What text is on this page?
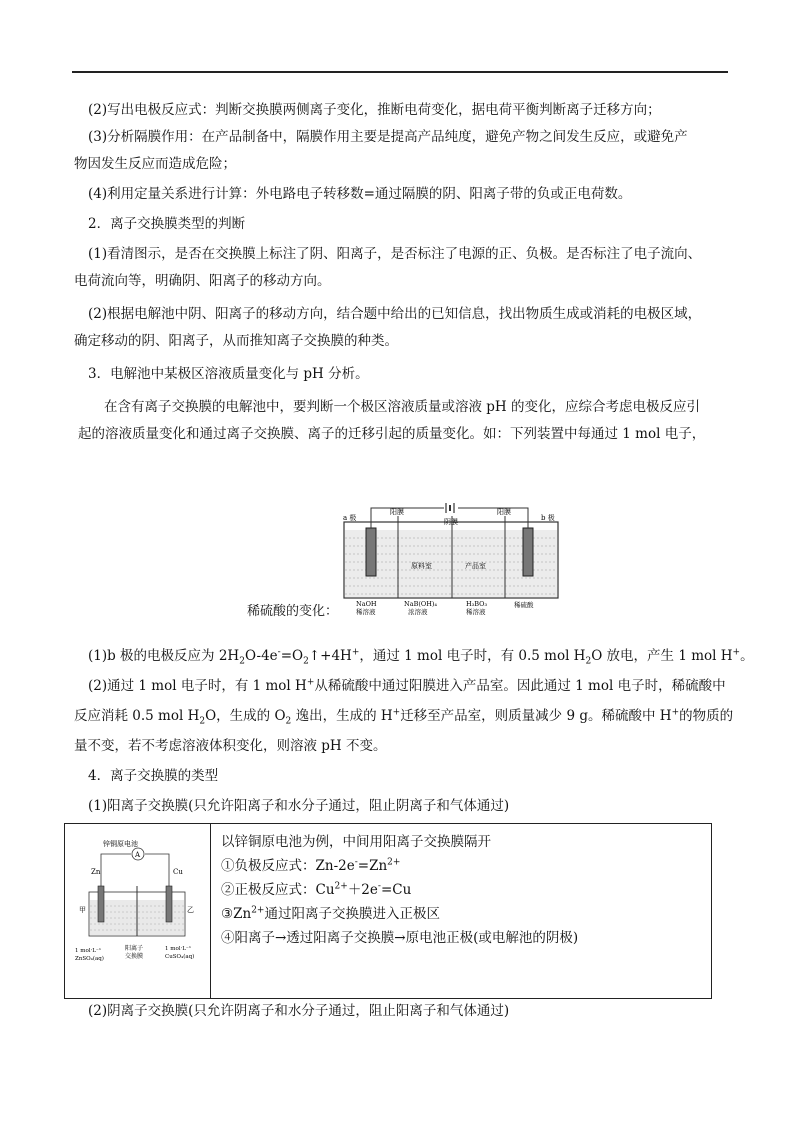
(2)写出电极反应式：判断交换膜两侧离子变化，推断电荷变化，据电荷平衡判断离子迁移方向；
(3)分析隔膜作用：在产品制备中，隔膜作用主要是提高产品纯度，避免产物之间发生反应，或避免产
物因发生反应而造成危险；
(4)利用定量关系进行计算：外电路电子转移数=通过隔膜的阴、阳离子带的负或正电荷数。
2．离子交换膜类型的判断
(1)看清图示，是否在交换膜上标注了阴、阳离子，是否标注了电源的正、负极。是否标注了电子流向、
电荷流向等，明确阴、阳离子的移动方向。
(2)根据电解池中阴、阳离子的移动方向，结合题中给出的已知信息，找出物质生成或消耗的电极区域，
确定移动的阴、阳离子，从而推知离子交换膜的种类。
3．电解池中某极区溶液质量变化与 pH 分析。
在含有离子交换膜的电解池中，要判断一个极区溶液质量或溶液 pH 的变化，应综合考虑电极反应引
起的溶液质量变化和通过离子交换膜、离子的迁移引起的质量变化。如：下列装置中每通过 1 mol 电子，
a 极	b 极
阳膜
阴膜
阳膜
原料室	产品室
NaOH
稀溶液
NaB(OH)₄
浓溶液
H₃BO₃
稀溶液
稀硫酸
稀硫酸的变化：
(1)b 极的电极反应为 $2H_2O-4e^-=O_2↑+4H^+$，通过 1 mol 电子时，有 0.5 mol $H_2O$ 放电，产生 1 mol H+。
(2)通过 1 mol 电子时，有 1 mol H+从稀硫酸中通过阳膜进入产品室。因此通过 1 mol 电子时，稀硫酸中
反应消耗 0.5 mol $H_2O$，生成的 $O_2$ 逸出，生成的 H+迁移至产品室，则质量减少 9 g。稀硫酸中 H+的物质的
量不变，若不考虑溶液体积变化，则溶液 pH 不变。
4．离子交换膜的类型
(1)阳离子交换膜(只允许阳离子和水分子通过，阻止阴离子和气体通过)
锌铜原电池
A
Zn	Cu
甲	乙
阳离子
交换膜
1 mol·L⁻¹
ZnSO₄(aq)
1 mol·L⁻¹
CuSO₄(aq)

以锌铜原电池为例，中间用阳离子交换膜隔开
①负极反应式：$Zn-2e^-=Zn^{2+}$
②正极反应式：$Cu^{2+}+2e^-=Cu$
$③Zn^{2+}$通过阳离子交换膜进入正极区
④阳离子→透过阳离子交换膜→原电池正极(或电解池的阴极)
(2)阴离子交换膜(只允许阴离子和水分子通过，阻止阳离子和气体通过)
